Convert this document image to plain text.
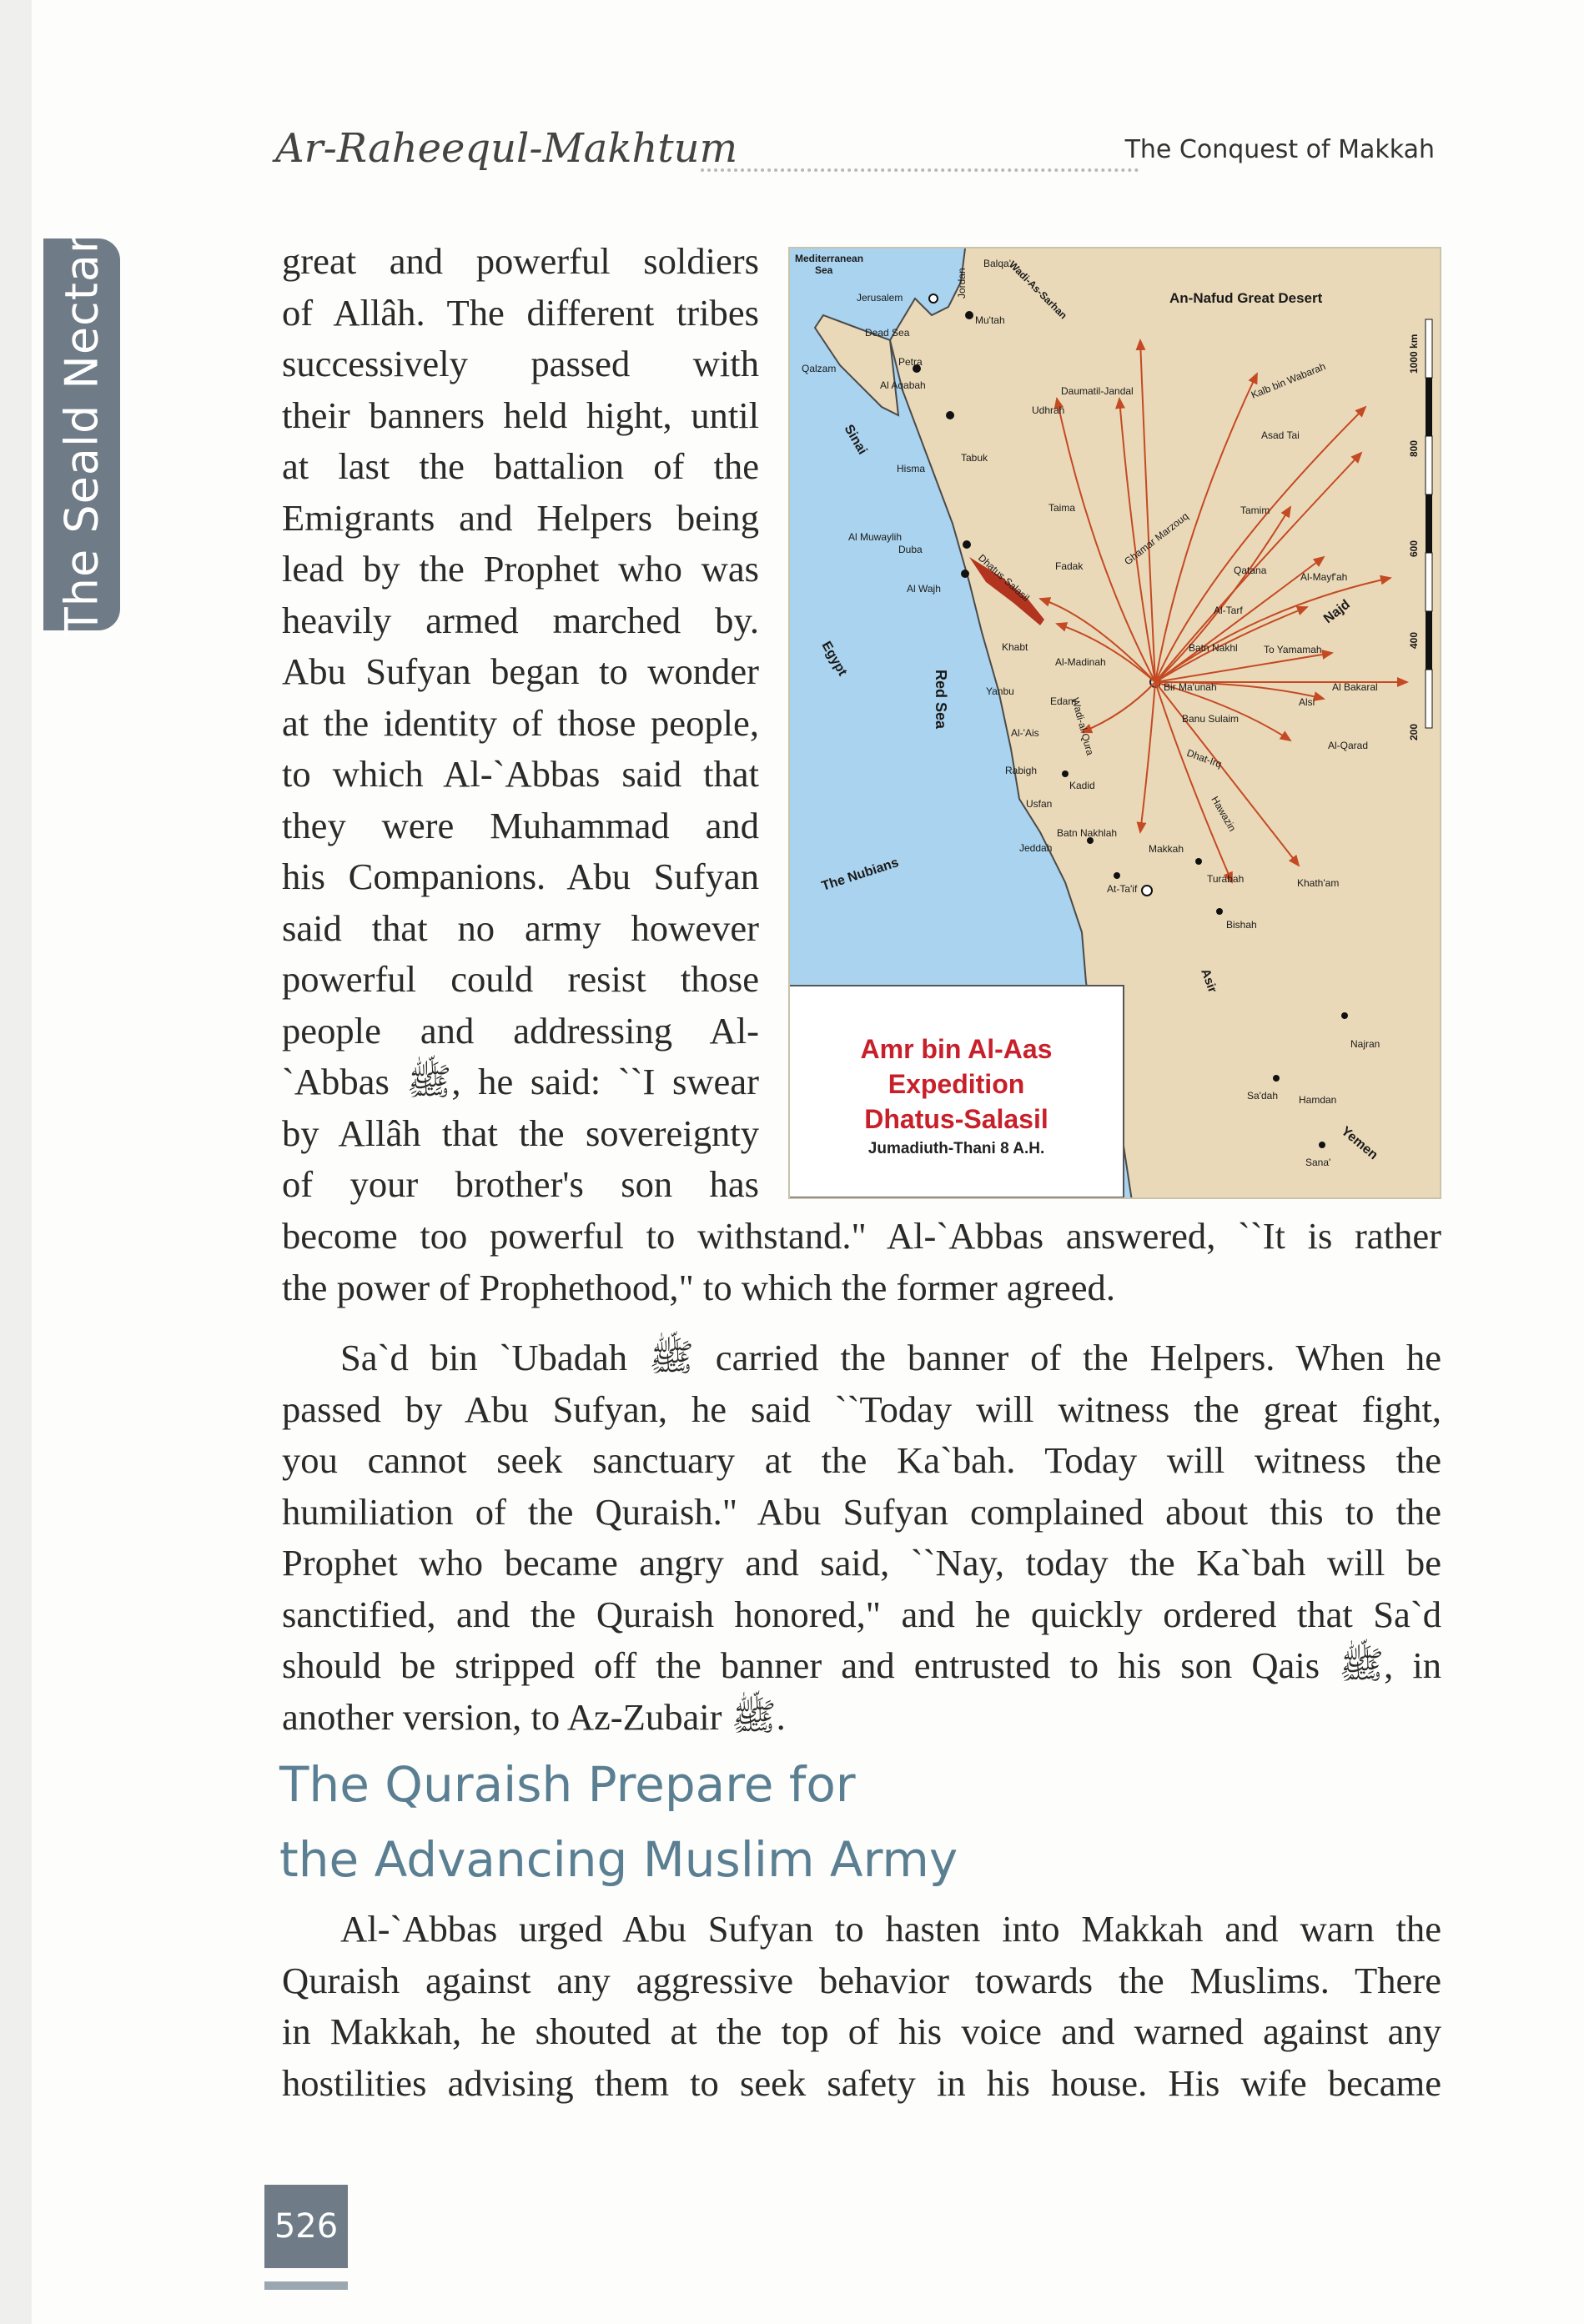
The Seald Nectar
Ar-Raheequl-Makhtum	The Conquest of Makkah
great and powerful soldiers
of Allâh. The different tribes
successively passed with
their banners held hight, until
at last the battalion of the
Emigrants and Helpers being
lead by the Prophet who was
heavily armed marched by.
Abu Sufyan began to wonder
at the identity of those people,
to which Al-`Abbas said that
they were Muhammad and
his Companions. Abu Sufyan
said that no army however
powerful could resist those
people and addressing Al-
`Abbas ﷺ, he said: ``I swear
by Allâh that the sovereignty
of your brother's son has
become too powerful to withstand." Al-`Abbas answered, ``It is rather
the power of Prophethood," to which the former agreed.
Sa`d bin `Ubadah ﷺ carried the banner of the Helpers. When he
passed by Abu Sufyan, he said ``Today will witness the great fight,
you cannot seek sanctuary at the Ka`bah. Today will witness the
humiliation of the Quraish." Abu Sufyan complained about this to the
Prophet who became angry and said, ``Nay, today the Ka`bah will be
sanctified, and the Quraish honored," and he quickly ordered that Sa`d
should be stripped off the banner and entrusted to his son Qais ﷺ, in
another version, to Az-Zubair ﷺ.
The Quraish Prepare for
the Advancing Muslim Army
Al-`Abbas urged Abu Sufyan to hasten into Makkah and warn the
Quraish against any aggressive behavior towards the Muslims. There
in Makkah, he shouted at the top of his voice and warned against any
hostilities advising them to seek safety in his house. His wife became
Mediterranean
Sea
Jerusalem
Dead Sea
Qalzam
Petra
Al Aqabah
Jordan
Balqa'
Wadi-As-Sarhan
Mu'tah
An-Nafud Great Desert
Daumatil-Jandal
Udhrah
Kalb bin Wabarah
Asad Tai
Sinai
Hisma
Tabuk
Taima	Tamim
Al Muwaylih
Duba
Dhatus-Salasil Fadak	Ghamar Marzouq
Qatana
Al-Mayf'ah
Al Wajh
Al-Tarf	Najd
Egypt	Khabt
Al-Madinah
Batn Nakhl	To Yamamah
Red Sea	Yanbu
Edam
Bir Ma'unah	Al Bakaral
Alsi
Al-'Ais	Wadi-al-Qura	Banu Sulaim
Rabigh
Al-Qarad
Dhat-Irq
Kadid
Usfan
Batn Nakhlah	Hawazin
Jeddah	Makkah
The Nubians	At-Ta'if
Turabah	Khath'am
Bishah
Asir
Najran
Sa'dah Hamdan
Yemen
Sana'
1000 km
800
600
400
200
Amr bin Al-Aas
Expedition
Dhatus-Salasil
Jumadiuth-Thani 8 A.H.
526
